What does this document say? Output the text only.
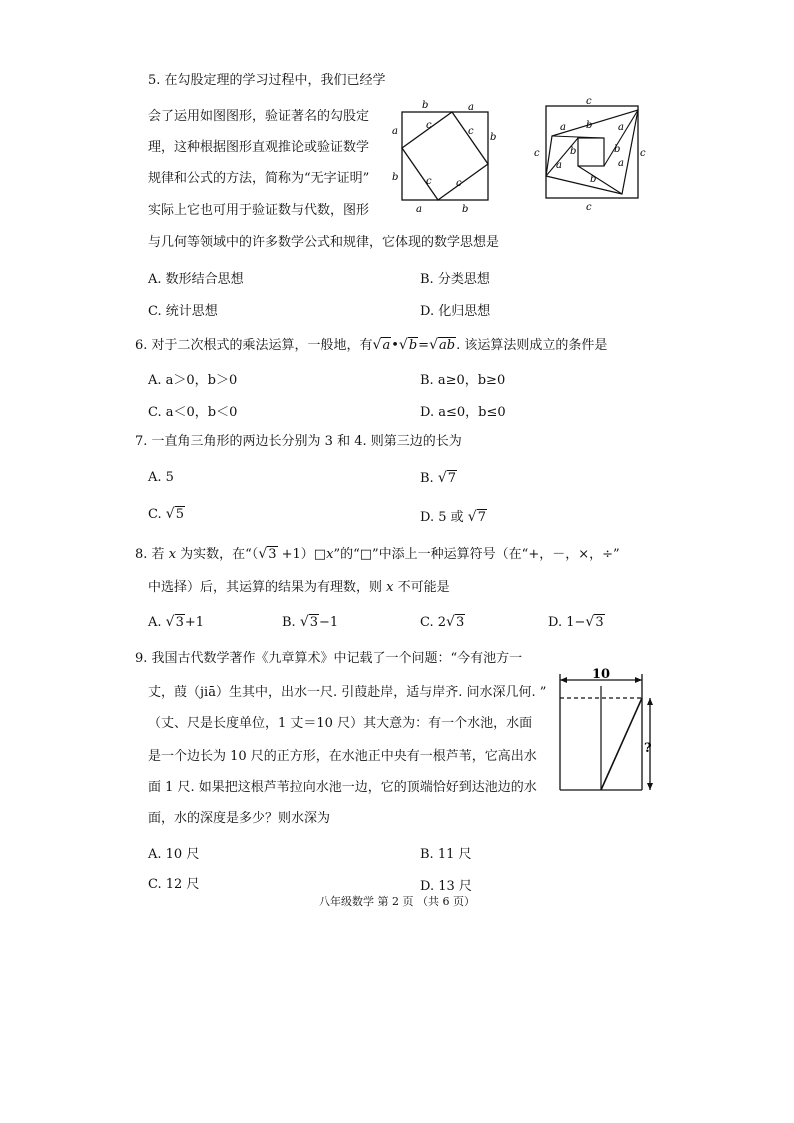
5. 在勾股定理的学习过程中，我们已经学
会了运用如图图形，验证著名的勾股定
理，这种根据图形直观推论或验证数学
规律和公式的方法，简称为“无字证明”
实际上它也可用于验证数与代数，图形
与几何等领域中的许多数学公式和规律，它体现的数学思想是
b	a
a
b
b
a	b
c
c
c c
c
c	c
c
a b	a
b
a
a
b
b
A. 数形结合思想	B. 分类思想
C. 统计思想	D. 化归思想
6. 对于二次根式的乘法运算，一般地，有√a•√b=√ab. 该运算法则成立的条件是
A. a＞0，b＞0	B. a≥0，b≥0
C. a＜0，b＜0	D. a≤0，b≤0
7. 一直角三角形的两边长分别为 3 和 4. 则第三边的长为
A. 5	B. √7
C. √5	D. 5 或 √7
8. 若 x 为实数，在“（√3 +1）□x”的“□”中添上一种运算符号（在“+，－，×，÷”
中选择）后，其运算的结果为有理数，则 x 不可能是
A. √3+1	B. √3−1	C. 2√3	D. 1−√3
9. 我国古代数学著作《九章算术》中记载了一个问题：“今有池方一
丈，葭（jiā）生其中，出水一尺. 引葭赴岸，适与岸齐. 问水深几何. ”
（丈、尺是长度单位，1 丈＝10 尺）其大意为：有一个水池，水面
是一个边长为 10 尺的正方形，在水池正中央有一根芦苇，它高出水
面 1 尺. 如果把这根芦苇拉向水池一边，它的顶端恰好到达池边的水
面，水的深度是多少？则水深为
10
?
A. 10 尺	B. 11 尺
C. 12 尺	D. 13 尺
八年级数学 第 2 页 （共 6 页）
